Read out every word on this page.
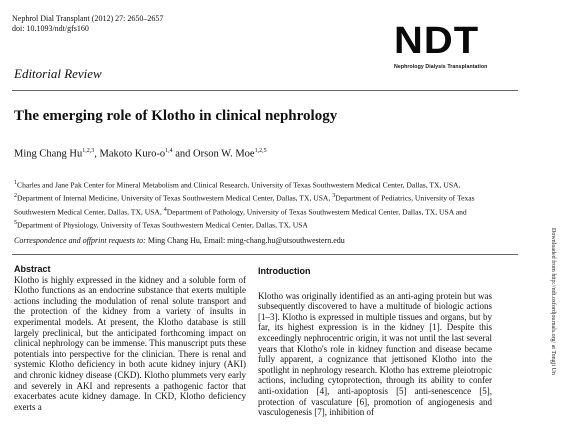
Nephrol Dial Transplant (2012) 27: 2650–2657
doi: 10.1093/ndt/gfs160	NDT
Nephrology Dialysis Transplantation
Editorial Review
The emerging role of Klotho in clinical nephrology
Ming Chang Hu$^{1,2,3}$, Makoto Kuro-$o^{1,4}$ and Orson W. Moe$^{1,2,5}$
$^1$Charles and Jane Pak Center for Mineral Metabolism and Clinical Research, University of Texas Southwestern Medical Center, Dallas, TX, USA, $^2$Department of Internal Medicine, University of Texas Southwestern Medical Center, Dallas, TX, USA, $^3$Department of Pediatrics, University of Texas Southwestern Medical Center, Dallas, TX, USA, $^4$Department of Pathology, University of Texas Southwestern Medical Center, Dallas, TX, USA and $^5$Department of Physiology, University of Texas Southwestern Medical Center, Dallas, TX, USA
Correspondence and offprint requests to: Ming Chang Hu, Email: ming-chang.hu@utsouthwestern.edu
Abstract

Klotho is highly expressed in the kidney and a soluble form of Klotho functions as an endocrine substance that exerts multiple actions including the modulation of renal solute transport and the protection of the kidney from a variety of insults in experimental models. At present, the Klotho database is still largely preclinical, but the anticipated forthcoming impact on clinical nephrology can be immense. This manuscript puts these potentials into perspective for the clinician. There is renal and systemic Klotho deficiency in both acute kidney injury (AKI) and chronic kidney disease (CKD). Klotho plummets very early and severely in AKI and represents a pathogenic factor that exacerbates acute kidney damage. In CKD, Klotho deficiency exerts a

Introduction

Klotho was originally identified as an anti-aging protein but was subsequently discovered to have a multitude of biologic actions [1–3]. Klotho is expressed in multiple tissues and organs, but by far, its highest expression is in the kidney [1]. Despite this exceedingly nephrocentric origin, it was not until the last several years that Klotho's role in kidney function and disease became fully apparent, a cognizance that jettisoned Klotho into the spotlight in nephrology research. Klotho has extreme pleiotropic actions, including cytoprotection, through its ability to confer anti-oxidation [4], anti-apoptosis [5] anti-senescence [5], protection of vasculature [6], promotion of angiogenesis and vasculogenesis [7], inhibition of

Downloaded from http://ndt.oxfordjournals.org/ at Tongji Un
